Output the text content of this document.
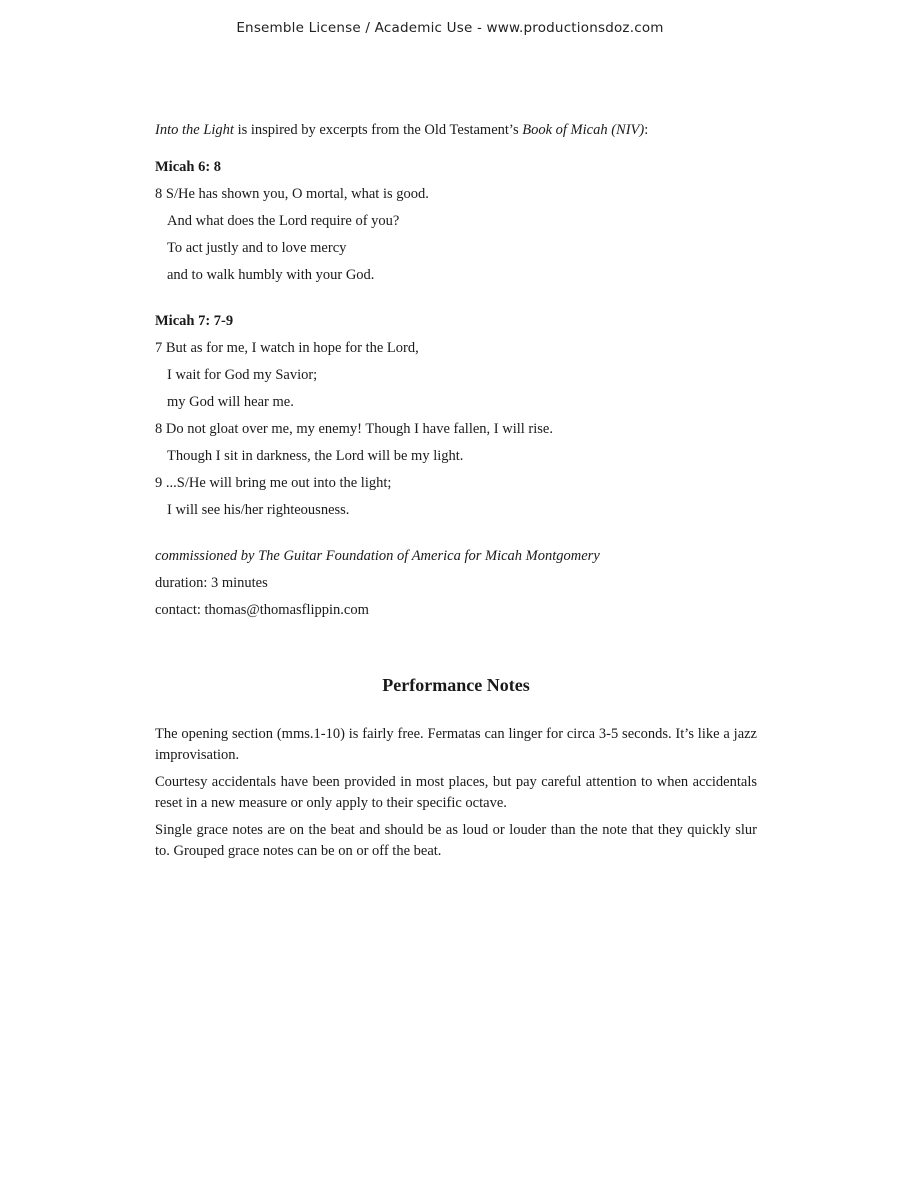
Ensemble License / Academic Use - www.productionsdoz.com
Into the Light is inspired by excerpts from the Old Testament’s Book of Micah (NIV):
Micah 6: 8
8 S/He has shown you, O mortal, what is good.
And what does the Lord require of you?
To act justly and to love mercy
and to walk humbly with your God.
Micah 7: 7-9
7 But as for me, I watch in hope for the Lord,
I wait for God my Savior;
my God will hear me.
8 Do not gloat over me, my enemy! Though I have fallen, I will rise.
Though I sit in darkness, the Lord will be my light.
9 ...S/He will bring me out into the light;
I will see his/her righteousness.
commissioned by The Guitar Foundation of America for Micah Montgomery
duration: 3 minutes
contact: thomas@thomasflippin.com
Performance Notes
The opening section (mms.1-10) is fairly free. Fermatas can linger for circa 3-5 seconds. It’s like a jazz improvisation.
Courtesy accidentals have been provided in most places, but pay careful attention to when accidentals reset in a new measure or only apply to their specific octave.
Single grace notes are on the beat and should be as loud or louder than the note that they quickly slur to. Grouped grace notes can be on or off the beat.
